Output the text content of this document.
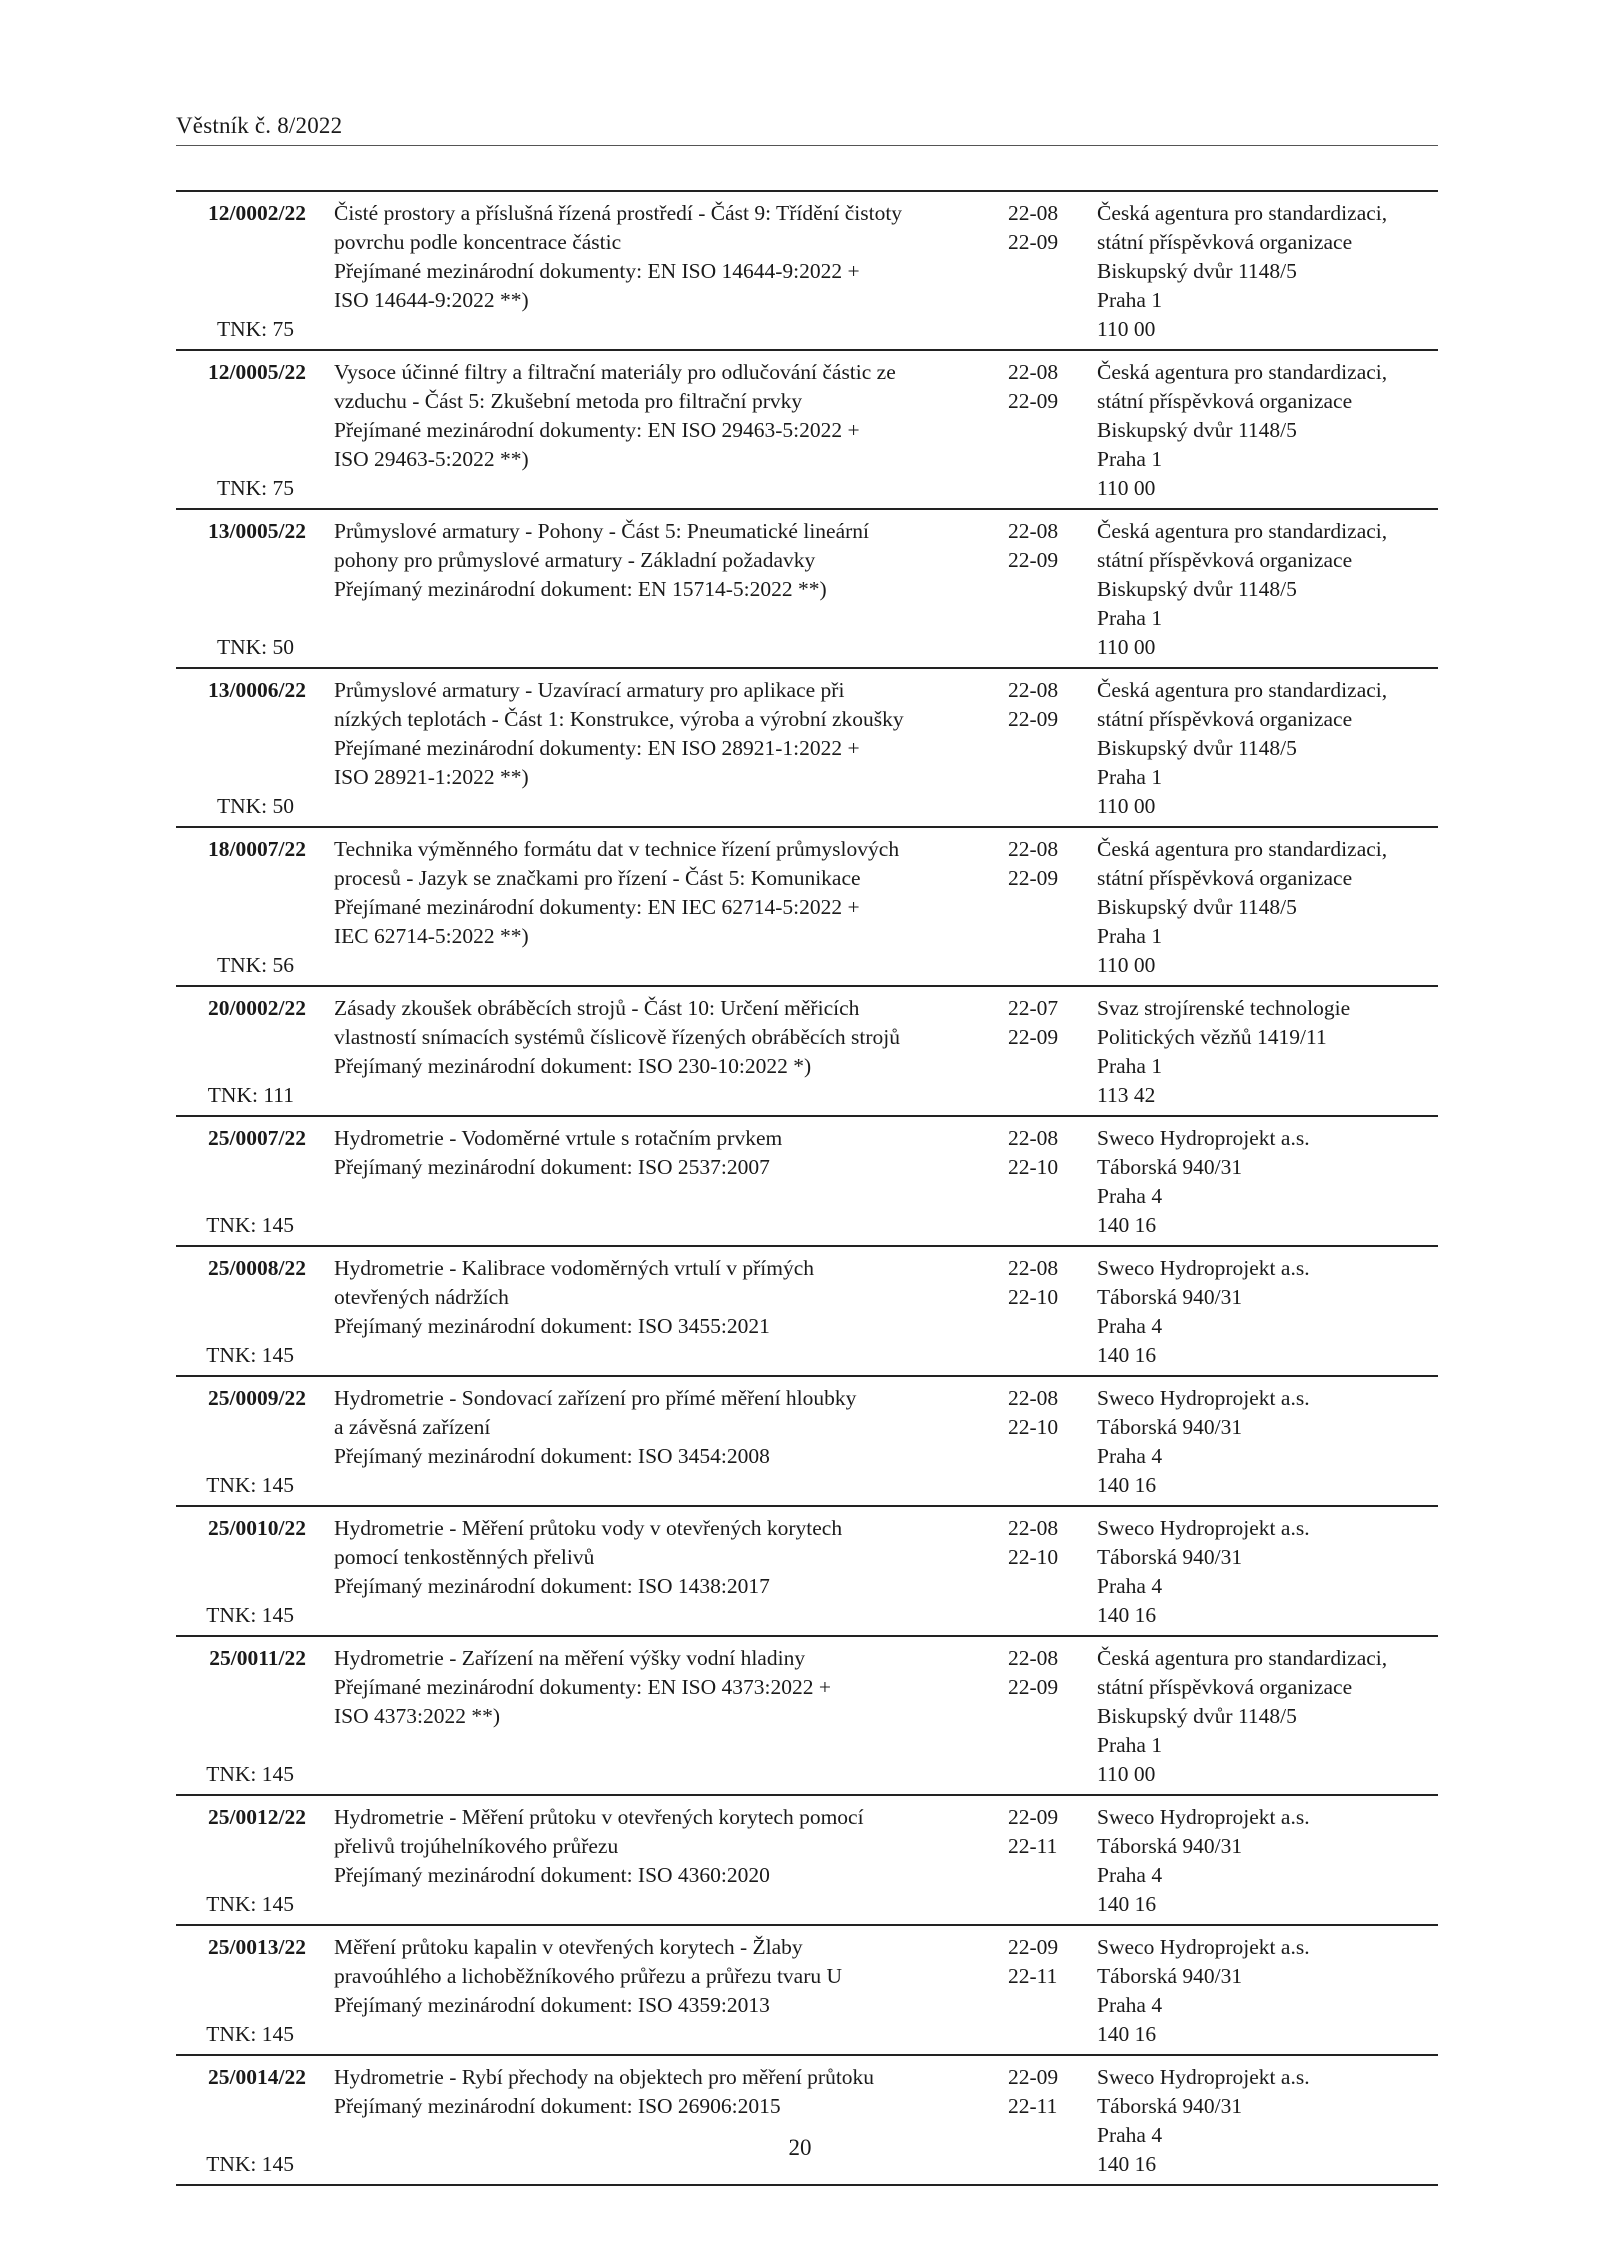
Věstník č. 8/2022
12/0002/22
TNK: 75
Čisté prostory a příslušná řízená prostředí - Část 9: Třídění čistoty
povrchu podle koncentrace částic
Přejímané mezinárodní dokumenty: EN ISO 14644-9:2022 +
ISO 14644-9:2022 **)
22-08
22-09
Česká agentura pro standardizaci,
státní příspěvková organizace
Biskupský dvůr 1148/5
Praha 1
110 00
12/0005/22
TNK: 75
Vysoce účinné filtry a filtrační materiály pro odlučování částic ze
vzduchu - Část 5: Zkušební metoda pro filtrační prvky
Přejímané mezinárodní dokumenty: EN ISO 29463-5:2022 +
ISO 29463-5:2022 **)
22-08
22-09
Česká agentura pro standardizaci,
státní příspěvková organizace
Biskupský dvůr 1148/5
Praha 1
110 00
13/0005/22
TNK: 50
Průmyslové armatury - Pohony - Část 5: Pneumatické lineární
pohony pro průmyslové armatury - Základní požadavky
Přejímaný mezinárodní dokument: EN 15714-5:2022 **)
22-08
22-09
Česká agentura pro standardizaci,
státní příspěvková organizace
Biskupský dvůr 1148/5
Praha 1
110 00
13/0006/22
TNK: 50
Průmyslové armatury - Uzavírací armatury pro aplikace při
nízkých teplotách - Část 1: Konstrukce, výroba a výrobní zkoušky
Přejímané mezinárodní dokumenty: EN ISO 28921-1:2022 +
ISO 28921-1:2022 **)
22-08
22-09
Česká agentura pro standardizaci,
státní příspěvková organizace
Biskupský dvůr 1148/5
Praha 1
110 00
18/0007/22
TNK: 56
Technika výměnného formátu dat v technice řízení průmyslových
procesů - Jazyk se značkami pro řízení - Část 5: Komunikace
Přejímané mezinárodní dokumenty: EN IEC 62714-5:2022 +
IEC 62714-5:2022 **)
22-08
22-09
Česká agentura pro standardizaci,
státní příspěvková organizace
Biskupský dvůr 1148/5
Praha 1
110 00
20/0002/22
TNK: 111
Zásady zkoušek obráběcích strojů - Část 10: Určení měřicích
vlastností snímacích systémů číslicově řízených obráběcích strojů
Přejímaný mezinárodní dokument: ISO 230-10:2022 *)
22-07
22-09
Svaz strojírenské technologie
Politických vězňů 1419/11
Praha 1
113 42
25/0007/22
TNK: 145
Hydrometrie - Vodoměrné vrtule s rotačním prvkem
Přejímaný mezinárodní dokument: ISO 2537:2007
22-08
22-10
Sweco Hydroprojekt a.s.
Táborská 940/31
Praha 4
140 16
25/0008/22
TNK: 145
Hydrometrie - Kalibrace vodoměrných vrtulí v přímých
otevřených nádržích
Přejímaný mezinárodní dokument: ISO 3455:2021
22-08
22-10
Sweco Hydroprojekt a.s.
Táborská 940/31
Praha 4
140 16
25/0009/22
TNK: 145
Hydrometrie - Sondovací zařízení pro přímé měření hloubky
a závěsná zařízení
Přejímaný mezinárodní dokument: ISO 3454:2008
22-08
22-10
Sweco Hydroprojekt a.s.
Táborská 940/31
Praha 4
140 16
25/0010/22
TNK: 145
Hydrometrie - Měření průtoku vody v otevřených korytech
pomocí tenkostěnných přelivů
Přejímaný mezinárodní dokument: ISO 1438:2017
22-08
22-10
Sweco Hydroprojekt a.s.
Táborská 940/31
Praha 4
140 16
25/0011/22
TNK: 145
Hydrometrie - Zařízení na měření výšky vodní hladiny
Přejímané mezinárodní dokumenty: EN ISO 4373:2022 +
ISO 4373:2022 **)
22-08
22-09
Česká agentura pro standardizaci,
státní příspěvková organizace
Biskupský dvůr 1148/5
Praha 1
110 00
25/0012/22
TNK: 145
Hydrometrie - Měření průtoku v otevřených korytech pomocí
přelivů trojúhelníkového průřezu
Přejímaný mezinárodní dokument: ISO 4360:2020
22-09
22-11
Sweco Hydroprojekt a.s.
Táborská 940/31
Praha 4
140 16
25/0013/22
TNK: 145
Měření průtoku kapalin v otevřených korytech - Žlaby
pravoúhlého a lichoběžníkového průřezu a průřezu tvaru U
Přejímaný mezinárodní dokument: ISO 4359:2013
22-09
22-11
Sweco Hydroprojekt a.s.
Táborská 940/31
Praha 4
140 16
25/0014/22
TNK: 145
Hydrometrie - Rybí přechody na objektech pro měření průtoku
Přejímaný mezinárodní dokument: ISO 26906:2015
22-09
22-11
Sweco Hydroprojekt a.s.
Táborská 940/31
Praha 4
140 16
20
